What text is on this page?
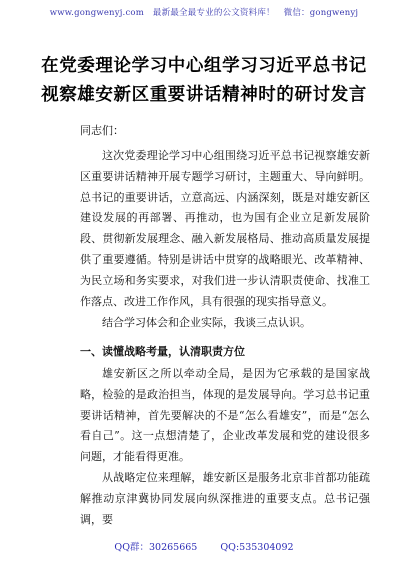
www.gongwenyj.com 最新最全最专业的公文资料库！ 微信：gongwenyj
在党委理论学习中心组学习习近平总书记
视察雄安新区重要讲话精神时的研讨发言
同志们：

这次党委理论学习中心组围绕习近平总书记视察雄安新区重要讲话精神开展专题学习研讨，主题重大、导向鲜明。总书记的重要讲话，立意高远、内涵深刻，既是对雄安新区建设发展的再部署、再推动，也为国有企业立足新发展阶段、贯彻新发展理念、融入新发展格局、推动高质量发展提供了重要遵循。特别是讲话中贯穿的战略眼光、改革精神、为民立场和务实要求，对我们进一步认清职责使命、找准工作落点、改进工作作风，具有很强的现实指导意义。

结合学习体会和企业实际，我谈三点认识。

一、读懂战略考量，认清职责方位

雄安新区之所以牵动全局，是因为它承载的是国家战略，检验的是政治担当，体现的是发展导向。学习总书记重要讲话精神，首先要解决的不是“怎么看雄安”，而是“怎么看自己”。这一点想清楚了，企业改革发展和党的建设很多问题，才能看得更准。

从战略定位来理解，雄安新区是服务北京非首都功能疏解推动京津冀协同发展向纵深推进的重要支点。总书记强调，要

QQ群：30265665 QQ:535304092
